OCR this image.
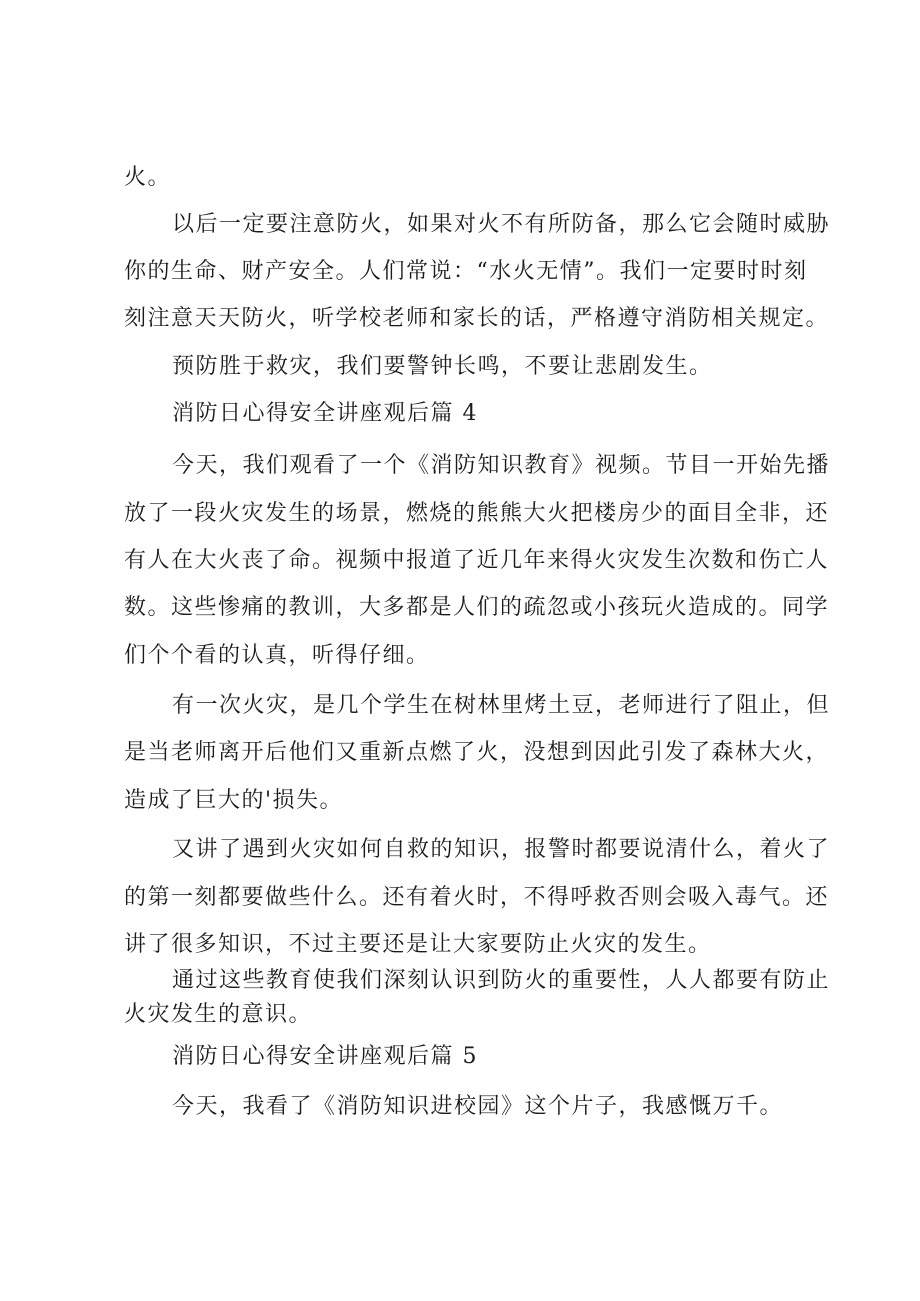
火。
以后一定要注意防火，如果对火不有所防备，那么它会随时威胁
你的生命、财产安全。人们常说：“水火无情”。我们一定要时时刻
刻注意天天防火，听学校老师和家长的话，严格遵守消防相关规定。
预防胜于救灾，我们要警钟长鸣，不要让悲剧发生。
消防日心得安全讲座观后篇 4
今天，我们观看了一个《消防知识教育》视频。节目一开始先播
放了一段火灾发生的场景，燃烧的熊熊大火把楼房少的面目全非，还
有人在大火丧了命。视频中报道了近几年来得火灾发生次数和伤亡人
数。这些惨痛的教训，大多都是人们的疏忽或小孩玩火造成的。同学
们个个看的认真，听得仔细。
有一次火灾，是几个学生在树林里烤土豆，老师进行了阻止，但
是当老师离开后他们又重新点燃了火，没想到因此引发了森林大火，
造成了巨大的'损失。
又讲了遇到火灾如何自救的知识，报警时都要说清什么，着火了
的第一刻都要做些什么。还有着火时，不得呼救否则会吸入毒气。还
讲了很多知识，不过主要还是让大家要防止火灾的发生。
通过这些教育使我们深刻认识到防火的重要性，人人都要有防止
火灾发生的意识。
消防日心得安全讲座观后篇 5
今天，我看了《消防知识进校园》这个片子，我感慨万千。
